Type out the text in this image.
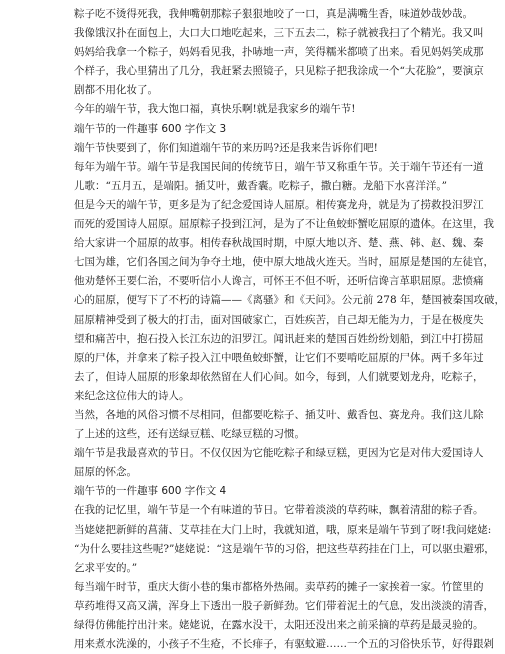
粽子吃不烫得死我，我伸嘴朝那粽子狠狠地咬了一口，真是满嘴生香，味道妙哉妙哉。
我像饿汉扑在面包上，大口大口地吃起来，三下五去二，粽子就被我扫了个精光。我又叫
妈妈给我拿一个粽子，妈妈看见我，扑哧地一声，笑得糯米都喷了出来。看见妈妈笑成那
个样子，我心里猜出了几分，我赶紧去照镜子，只见粽子把我涂成一个“大花脸”，要演京
剧都不用化妆了。
今年的端午节，我大饱口福，真快乐啊!就是我家乡的端午节!
端午节的一件趣事 600 字作文 3
端午节快要到了，你们知道端午节的来历吗?还是我来告诉你们吧!
每年为端午节。端午节是我国民间的传统节日，端午节又称重午节。关于端午节还有一道
儿歌：“五月五，是端阳。插艾叶，戴香囊。吃粽子，撒白糖。龙船下水喜洋洋。”
但是今天的端午节，更多是为了纪念爱国诗人屈原。相传赛龙舟，就是为了捞救投汨罗江
而死的爱国诗人屈原。屈原粽子投到江河，是为了不让鱼蛟虾蟹吃屈原的遗体。在这里，我
给大家讲一个屈原的故事。相传春秋战国时期，中原大地以齐、楚、燕、韩、赵、魏、秦
七国为雄，它们各国之间为争夺土地，使中原大地战火连天。当时，屈原是楚国的左徒官，
他劝楚怀王要仁治，不要听信小人谗言，可怀王不但不听，还听信谗言革职屈原。悲愤痛
心的屈原，便写下了不朽的诗篇——《离骚》和《天问》。公元前 278 年，楚国被秦国攻破，
屈原精神受到了极大的打击，面对国破家亡，百姓疾苦，自己却无能为力，于是在极度失
望和痛苦中，抱石投入长江东边的汨罗江。闻讯赶来的楚国百姓纷纷划船，到江中打捞屈
原的尸体，并拿来了粽子投入江中喂鱼蛟虾蟹，让它们不要啃吃屈原的尸体。两千多年过
去了，但诗人屈原的形象却依然留在人们心间。如今，每到，人们就要划龙舟，吃粽子，
来纪念这位伟大的诗人。
当然，各地的风俗习惯不尽相同，但都要吃粽子、插艾叶、戴香包、赛龙舟。我们这儿除
了上述的这些，还有送绿豆糕、吃绿豆糕的习惯。
端午节是我最喜欢的节日。不仅仅因为它能吃粽子和绿豆糕，更因为它是对伟大爱国诗人
屈原的怀念。
端午节的一件趣事 600 字作文 4
在我的记忆里，端午节是一个有味道的节日。它带着淡淡的草药味，飘着清甜的粽子香。
当姥姥把新鲜的菖蒲、艾草挂在大门上时，我就知道，哦，原来是端午节到了呀!我问姥姥:
“为什么要挂这些呢?”姥姥说：“这是端午节的习俗，把这些草药挂在门上，可以驱虫避邪，
乞求平安的。”
每当端午时节，重庆大街小巷的集市都格外热闹。卖草药的摊子一家挨着一家。竹筐里的
草药堆得又高又满，浑身上下透出一股子新鲜劲。它们带着泥土的气息，发出淡淡的清香，
绿得仿佛能拧出汁来。姥姥说，在露水没干，太阳还没出来之前采摘的草药是最灵验的。
用来煮水洗澡的，小孩子不生疮，不长痱子，有驱蚊避……一个五的习俗快乐节，好得跟剁
